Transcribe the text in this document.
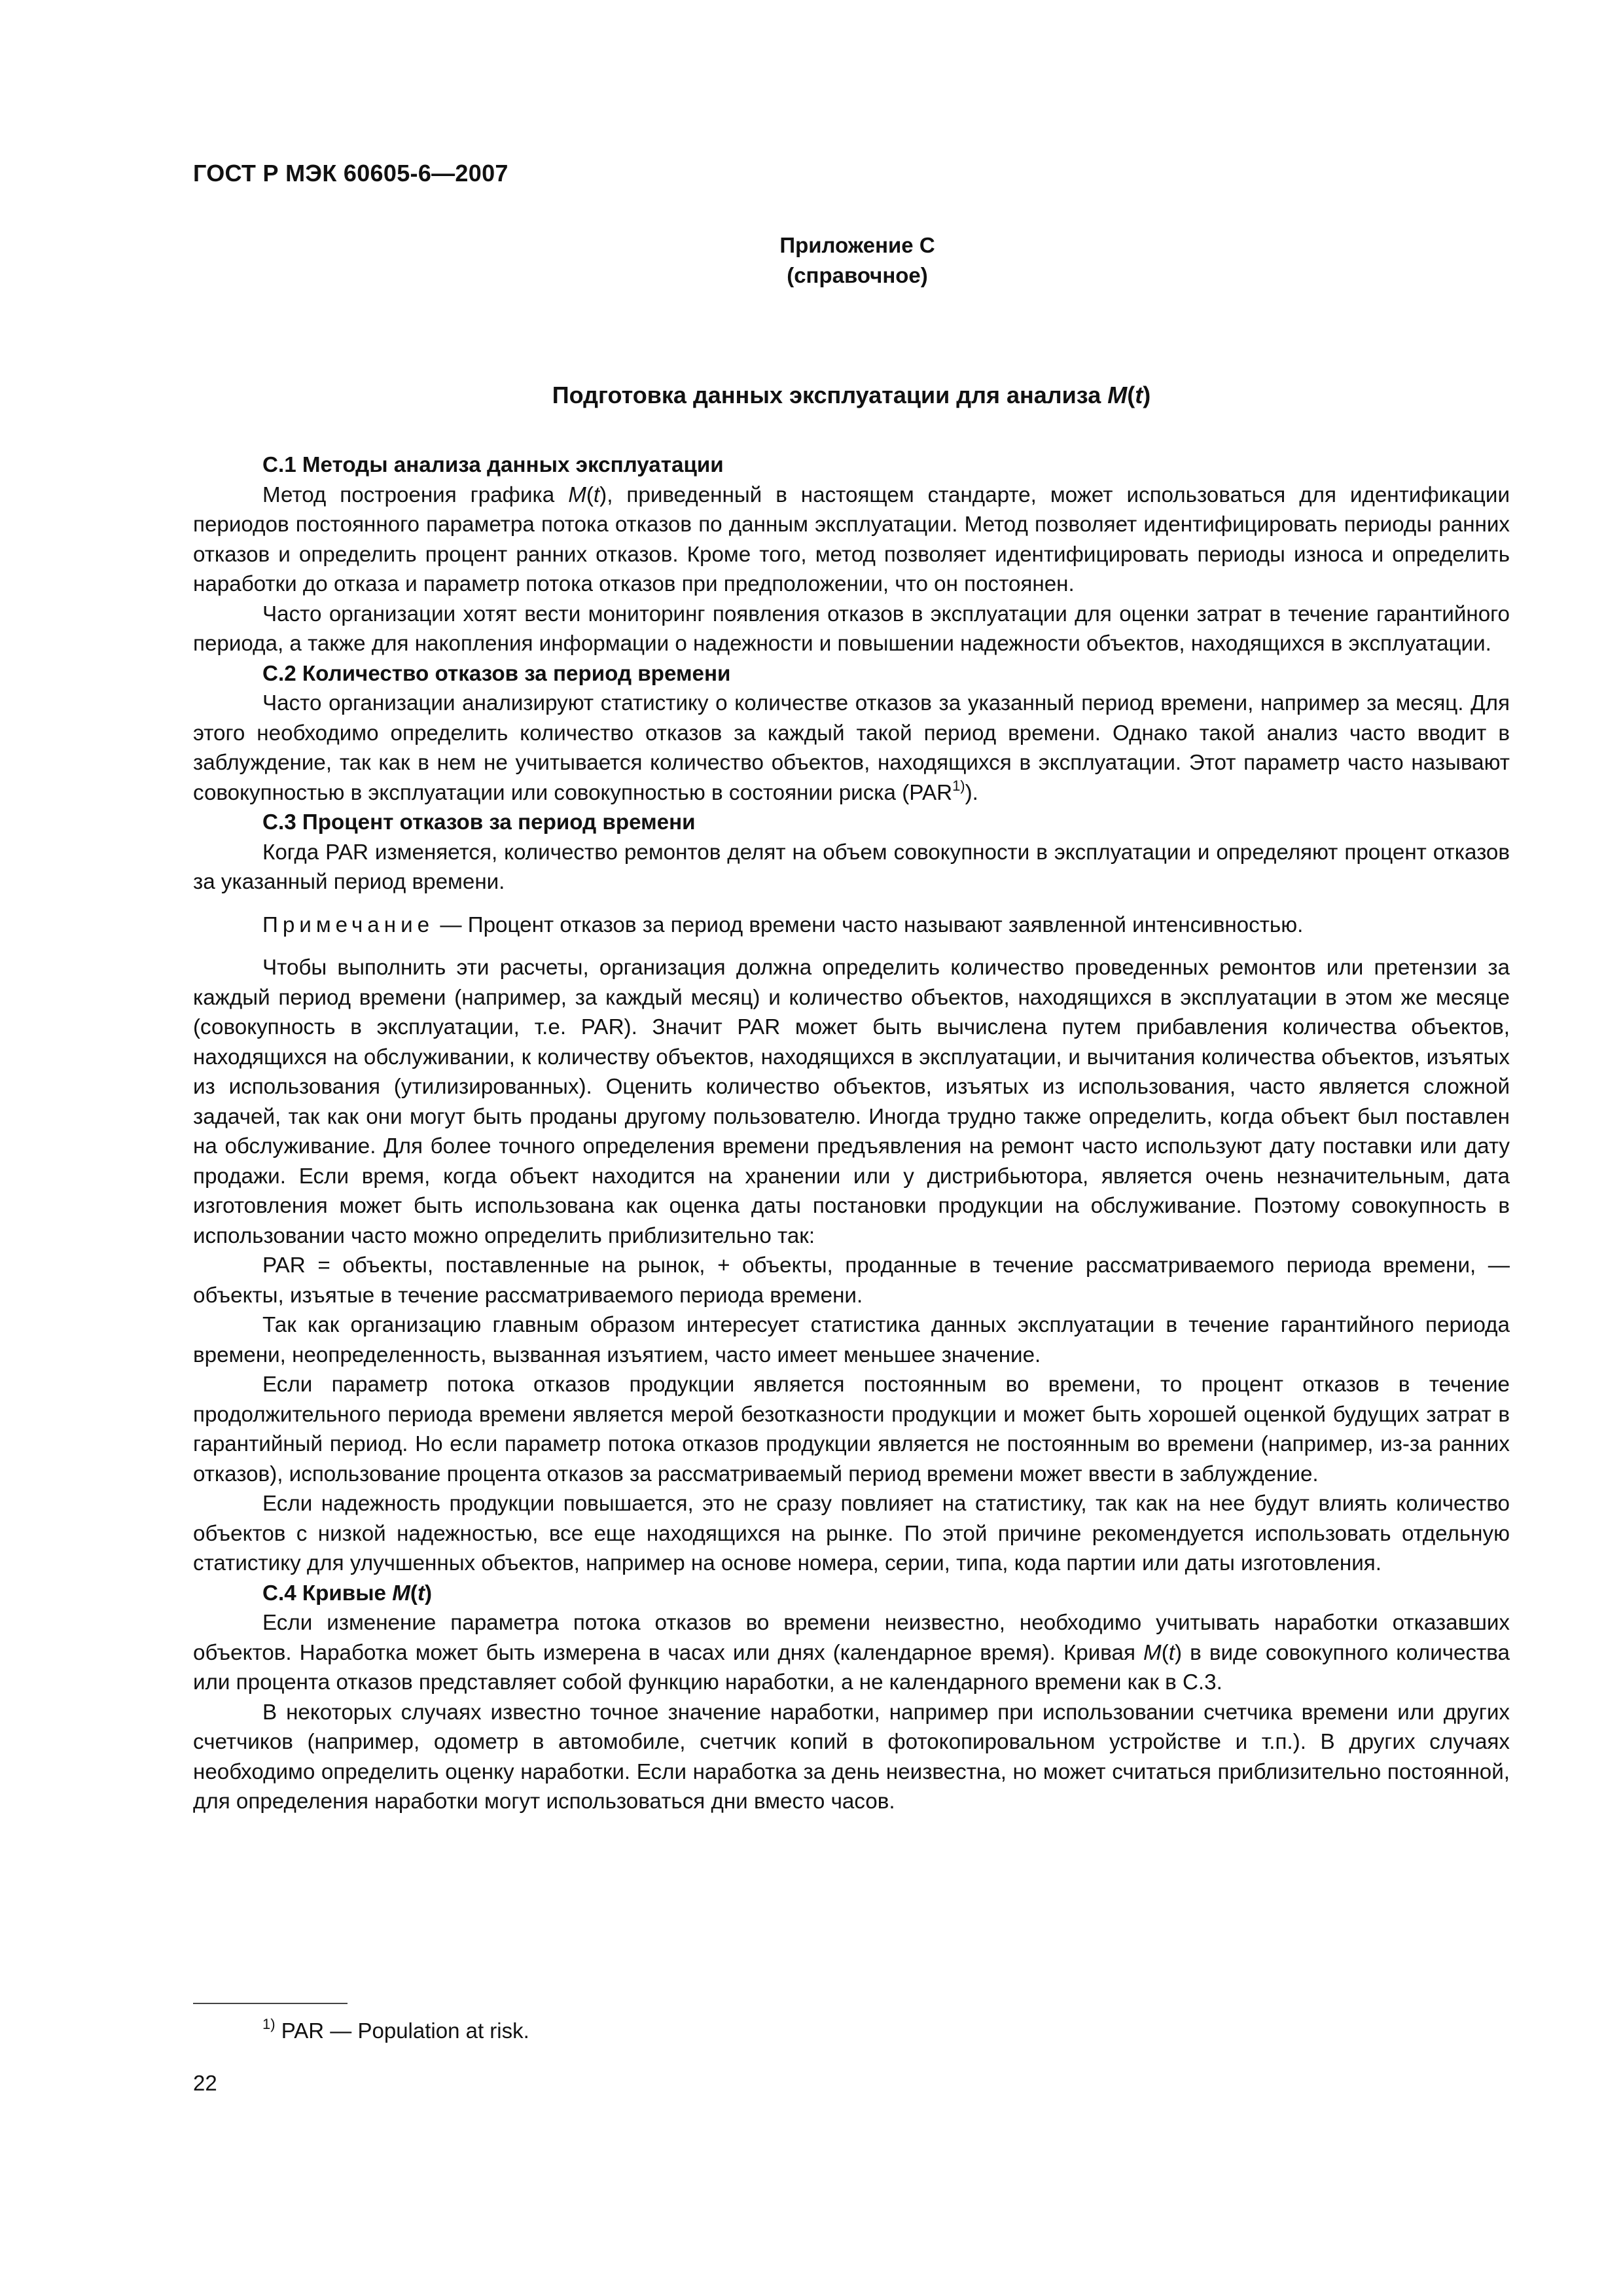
ГОСТ Р МЭК 60605-6—2007
Приложение С
(справочное)
Подготовка данных эксплуатации для анализа M(t)
С.1 Методы анализа данных эксплуатации

Метод построения графика M(t), приведенный в настоящем стандарте, может использоваться для идентификации периодов постоянного параметра потока отказов по данным эксплуатации. Метод позволяет идентифицировать периоды ранних отказов и определить процент ранних отказов. Кроме того, метод позволяет идентифицировать периоды износа и определить наработки до отказа и параметр потока отказов при предположении, что он постоянен.

Часто организации хотят вести мониторинг появления отказов в эксплуатации для оценки затрат в течение гарантийного периода, а также для накопления информации о надежности и повышении надежности объектов, находящихся в эксплуатации.

С.2 Количество отказов за период времени

Часто организации анализируют статистику о количестве отказов за указанный период времени, например за месяц. Для этого необходимо определить количество отказов за каждый такой период времени. Однако такой анализ часто вводит в заблуждение, так как в нем не учитывается количество объектов, находящихся в эксплуатации. Этот параметр часто называют совокупностью в эксплуатации или совокупностью в состоянии риска (PAR$^{1)}$).

С.3 Процент отказов за период времени

Когда PAR изменяется, количество ремонтов делят на объем совокупности в эксплуатации и определяют процент отказов за указанный период времени.

Примечание — Процент отказов за период времени часто называют заявленной интенсивностью.

Чтобы выполнить эти расчеты, организация должна определить количество проведенных ремонтов или претензии за каждый период времени (например, за каждый месяц) и количество объектов, находящихся в эксплуатации в этом же месяце (совокупность в эксплуатации, т.е. PAR). Значит PAR может быть вычислена путем прибавления количества объектов, находящихся на обслуживании, к количеству объектов, находящихся в эксплуатации, и вычитания количества объектов, изъятых из использования (утилизированных). Оценить количество объектов, изъятых из использования, часто является сложной задачей, так как они могут быть проданы другому пользователю. Иногда трудно также определить, когда объект был поставлен на обслуживание. Для более точного определения времени предъявления на ремонт часто используют дату поставки или дату продажи. Если время, когда объект находится на хранении или у дистрибьютора, является очень незначительным, дата изготовления может быть использована как оценка даты постановки продукции на обслуживание. Поэтому совокупность в использовании часто можно определить приблизительно так:

PAR = объекты, поставленные на рынок, + объекты, проданные в течение рассматриваемого периода времени, — объекты, изъятые в течение рассматриваемого периода времени.

Так как организацию главным образом интересует статистика данных эксплуатации в течение гарантийного периода времени, неопределенность, вызванная изъятием, часто имеет меньшее значение.

Если параметр потока отказов продукции является постоянным во времени, то процент отказов в течение продолжительного периода времени является мерой безотказности продукции и может быть хорошей оценкой будущих затрат в гарантийный период. Но если параметр потока отказов продукции является не постоянным во времени (например, из-за ранних отказов), использование процента отказов за рассматриваемый период времени может ввести в заблуждение.

Если надежность продукции повышается, это не сразу повлияет на статистику, так как на нее будут влиять количество объектов с низкой надежностью, все еще находящихся на рынке. По этой причине рекомендуется использовать отдельную статистику для улучшенных объектов, например на основе номера, серии, типа, кода партии или даты изготовления.

С.4 Кривые M(t)

Если изменение параметра потока отказов во времени неизвестно, необходимо учитывать наработки отказавших объектов. Наработка может быть измерена в часах или днях (календарное время). Кривая M(t) в виде совокупного количества или процента отказов представляет собой функцию наработки, а не календарного времени как в С.3.

В некоторых случаях известно точное значение наработки, например при использовании счетчика времени или других счетчиков (например, одометр в автомобиле, счетчик копий в фотокопировальном устройстве и т.п.). В других случаях необходимо определить оценку наработки. Если наработка за день неизвестна, но может считаться приблизительно постоянной, для определения наработки могут использоваться дни вместо часов.

$^{1)}$ PAR — Population at risk.
22
